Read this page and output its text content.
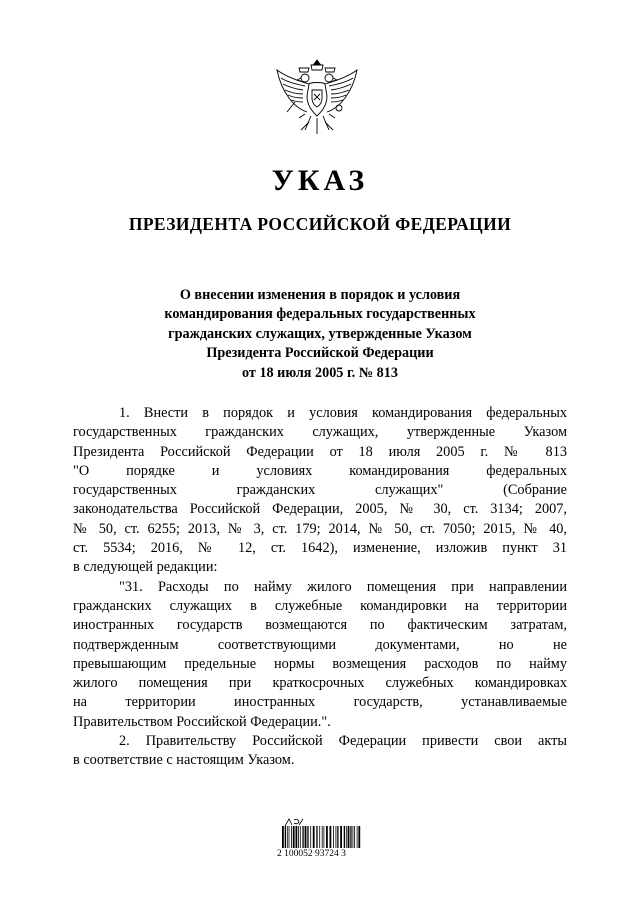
УКАЗ
ПРЕЗИДЕНТА РОССИЙСКОЙ ФЕДЕРАЦИИ
О внесении изменения в порядок и условия
командирования федеральных государственных
гражданских служащих, утвержденные Указом
Президента Российской Федерации
от 18 июля 2005 г. № 813
1. Внести в порядок и условия командирования федеральных
государственных гражданских служащих, утвержденные Указом
Президента Российской Федерации от 18 июля 2005 г. № 813
"О порядке и условиях командирования федеральных
государственных гражданских служащих" (Собрание
законодательства Российской Федерации, 2005, № 30, ст. 3134; 2007,
№ 50, ст. 6255; 2013, № 3, ст. 179; 2014, № 50, ст. 7050; 2015, № 40,
ст. 5534; 2016, № 12, ст. 1642), изменение, изложив пункт 31
в следующей редакции:
"31. Расходы по найму жилого помещения при направлении
гражданских служащих в служебные командировки на территории
иностранных государств возмещаются по фактическим затратам,
подтвержденным соответствующими документами, но не
превышающим предельные нормы возмещения расходов по найму
жилого помещения при краткосрочных служебных командировках
на территории иностранных государств, устанавливаемые
Правительством Российской Федерации.".
2. Правительству Российской Федерации привести свои акты
в соответствие с настоящим Указом.
2 100052 93724 3
